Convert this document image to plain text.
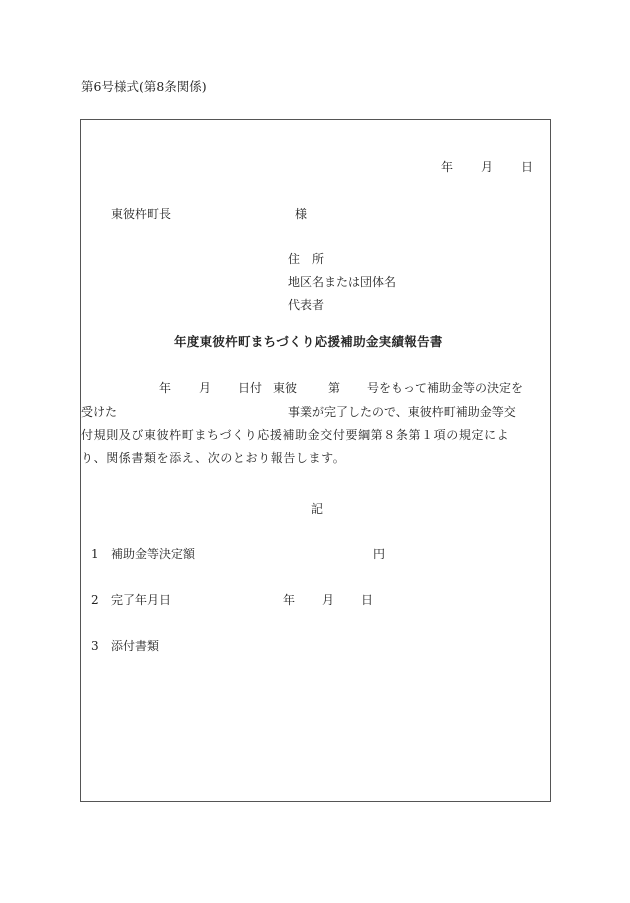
第6号様式(第8条関係)
年 月 日
東彼杵町長	様
住　所
地区名または団体名
代表者
年度東彼杵町まちづくり応援補助金実績報告書
年 月 日付 東彼	第 号をもって補助金等の決定を
受けた	事業が完了したので、東彼杵町補助金等交
付規則及び東彼杵町まちづくり応援補助金交付要綱第８条第１項の規定によ
り、関係書類を添え、次のとおり報告します。
記
1 補助金等決定額	円
2 完了年月日	年 月 日
3 添付書類
